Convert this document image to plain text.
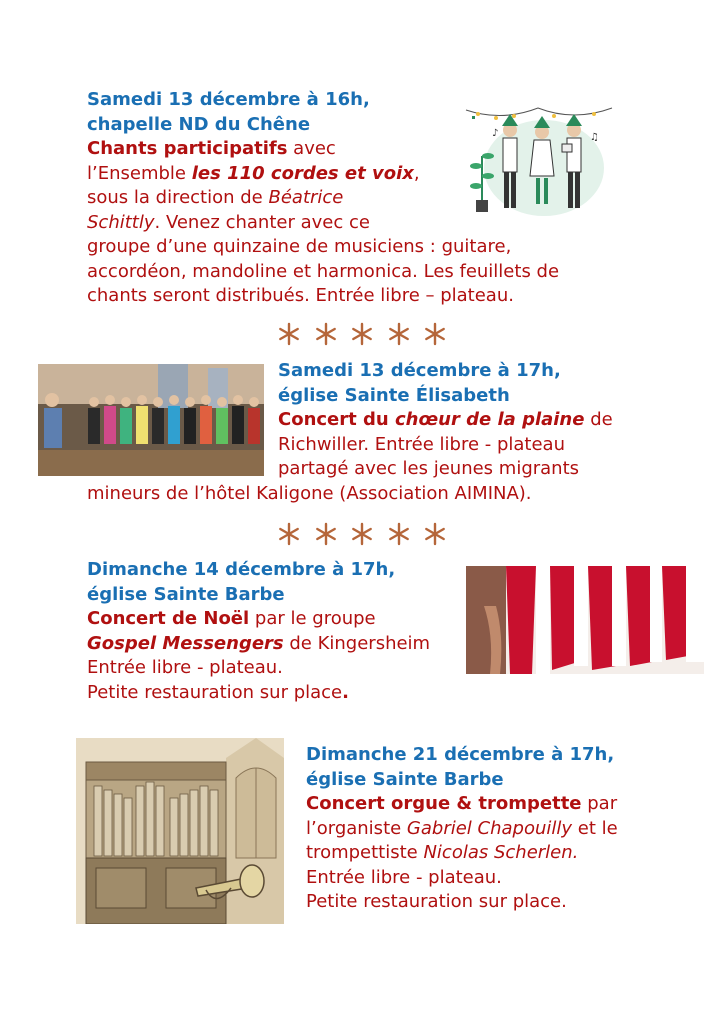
Samedi 13 décembre à 16h,
chapelle ND du Chêne
Chants participatifs avec
l’Ensemble les 110 cordes et voix,
sous la direction de Béatrice
Schittly. Venez chanter avec ce
groupe d’une quinzaine de musiciens : guitare,
accordéon, mandoline et harmonica. Les feuillets de
chants seront distribués. Entrée libre – plateau.
♪	♫
Samedi 13 décembre à 17h,
église Sainte Élisabeth
Concert du chœur de la plaine de
Richwiller. Entrée libre - plateau
partagé avec les jeunes migrants
mineurs de l’hôtel Kaligone (Association AIMINA).
Dimanche 14 décembre à 17h,
église Sainte Barbe
Concert de Noël par le groupe
Gospel Messengers de Kingersheim
Entrée libre - plateau.
Petite restauration sur place.
Dimanche 21 décembre à 17h,
église Sainte Barbe
Concert orgue & trompette par
l’organiste Gabriel Chapouilly et le
trompettiste Nicolas Scherlen.
Entrée libre - plateau.
Petite restauration sur place.
